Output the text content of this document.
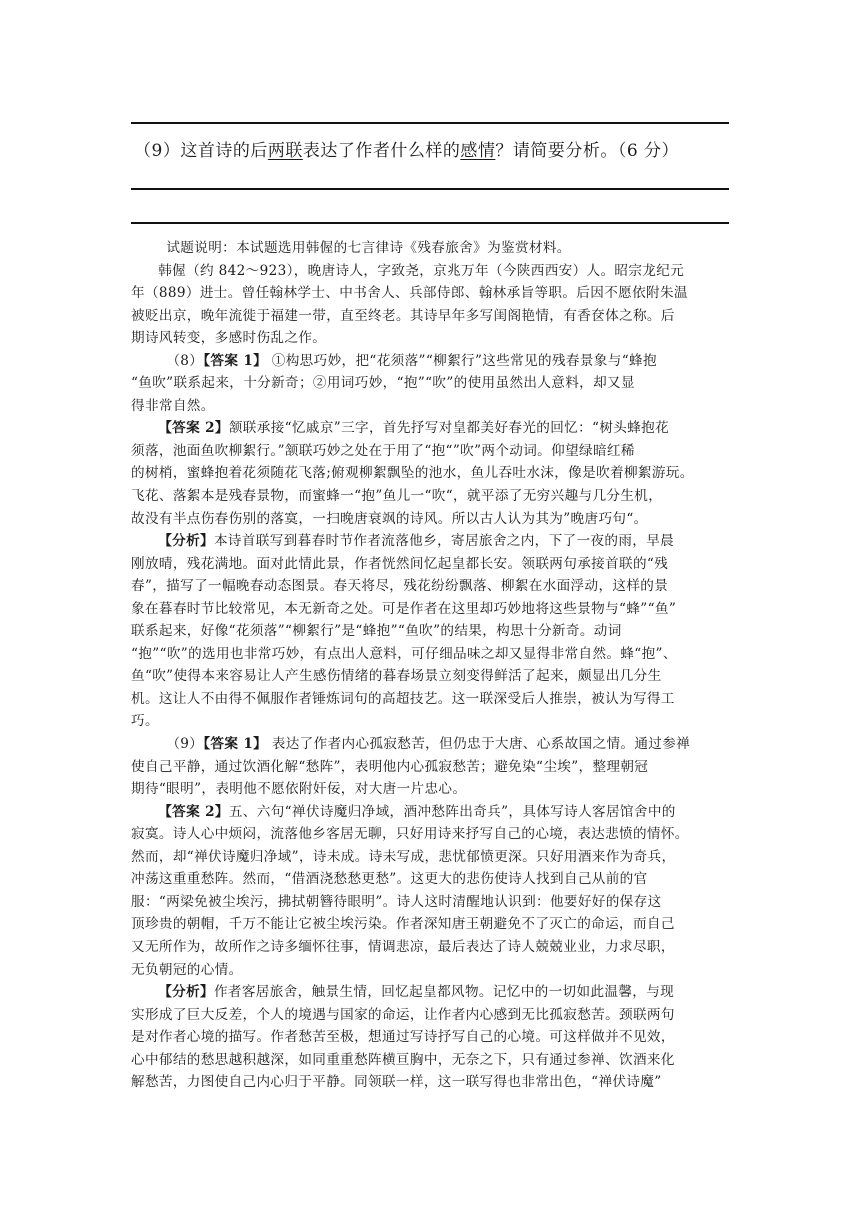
（9）这首诗的后两联表达了作者什么样的感情？请简要分析。（6 分）

试题说明：本试题选用韩偓的七言律诗《残春旅舍》为鉴赏材料。

韩偓（约 842～923），晚唐诗人，字致尧，京兆万年（今陕西西安）人。昭宗龙纪元
年（889）进士。曾任翰林学士、中书舍人、兵部侍郎、翰林承旨等职。后因不愿依附朱温
被贬出京，晚年流徙于福建一带，直至终老。其诗早年多写闺阁艳情，有香奁体之称。后
期诗风转变，多感时伤乱之作。

（8）【答案 1】 ①构思巧妙，把“花须落”“柳絮行”这些常见的残春景象与“蜂抱
“鱼吹”联系起来，十分新奇；②用词巧妙，“抱”“吹”的使用虽然出人意料，却又显
得非常自然。

【答案 2】颔联承接“忆戚京”三字，首先抒写对皇都美好春光的回忆：“树头蜂抱花
须落，池面鱼吹柳絮行。”颔联巧妙之处在于用了“抱“”吹”两个动词。仰望绿暗红稀
的树梢，蜜蜂抱着花须随花飞落;俯观柳絮飘坠的池水，鱼儿吞吐水沫，像是吹着柳絮游玩。
飞花、落絮本是残春景物，而蜜蜂一“抱”鱼儿一“吹“，就平添了无穷兴趣与几分生机，
故没有半点伤春伤别的落寞，一扫晚唐衰飒的诗风。所以古人认为其为”晚唐巧句“。

【分析】本诗首联写到暮春时节作者流落他乡，寄居旅舍之内，下了一夜的雨，早晨
刚放晴，残花满地。面对此情此景，作者恍然间忆起皇都长安。领联两句承接首联的“残
春”，描写了一幅晚春动态图景。春天将尽，残花纷纷飘落、柳絮在水面浮动，这样的景
象在暮春时节比较常见，本无新奇之处。可是作者在这里却巧妙地将这些景物与“蜂”“鱼”
联系起来，好像“花须落”“柳絮行”是“蜂抱”“鱼吹”的结果，构思十分新奇。动词
“抱”“吹”的选用也非常巧妙，有点出人意料，可仔细品味之却又显得非常自然。蜂“抱”、
鱼“吹”使得本来容易让人产生感伤情绪的暮春场景立刻变得鲜活了起来，颇显出几分生
机。这让人不由得不佩服作者锤炼词句的高超技艺。这一联深受后人推崇，被认为写得工
巧。

（9）【答案 1】 表达了作者内心孤寂愁苦，但仍忠于大唐、心系故国之情。通过参禅
使自己平静，通过饮酒化解“愁阵”，表明他内心孤寂愁苦；避免染“尘埃”，整理朝冠
期待“眼明”，表明他不愿依附奸佞，对大唐一片忠心。

【答案 2】五、六句“禅伏诗魔归净域，酒冲愁阵出奇兵”，具体写诗人客居馆舍中的
寂寞。诗人心中烦闷，流落他乡客居无聊，只好用诗来抒写自己的心境，表达悲愤的情怀。
然而，却“禅伏诗魔归净域”，诗未成。诗未写成，悲忧郁愤更深。只好用酒来作为奇兵，
冲荡这重重愁阵。然而，“借酒浇愁愁更愁”。这更大的悲伤使诗人找到自己从前的官
服：“两梁免被尘埃污，拂拭朝簪待眼明”。诗人这时清醒地认识到：他要好好的保存这
顶珍贵的朝帽，千万不能让它被尘埃污染。作者深知唐王朝避免不了灭亡的命运，而自己
又无所作为，故所作之诗多缅怀往事，情调悲凉，最后表达了诗人兢兢业业，力求尽职，
无负朝冠的心情。

【分析】作者客居旅舍，触景生情，回忆起皇都风物。记忆中的一切如此温馨，与现
实形成了巨大反差，个人的境遇与国家的命运，让作者内心感到无比孤寂愁苦。颈联两句
是对作者心境的描写。作者愁苦至极，想通过写诗抒写自己的心境。可这样做并不见效，
心中郁结的愁思越积越深，如同重重愁阵横亘胸中，无奈之下，只有通过参禅、饮酒来化
解愁苦，力图使自己内心归于平静。同领联一样，这一联写得也非常出色，“禅伏诗魔”
